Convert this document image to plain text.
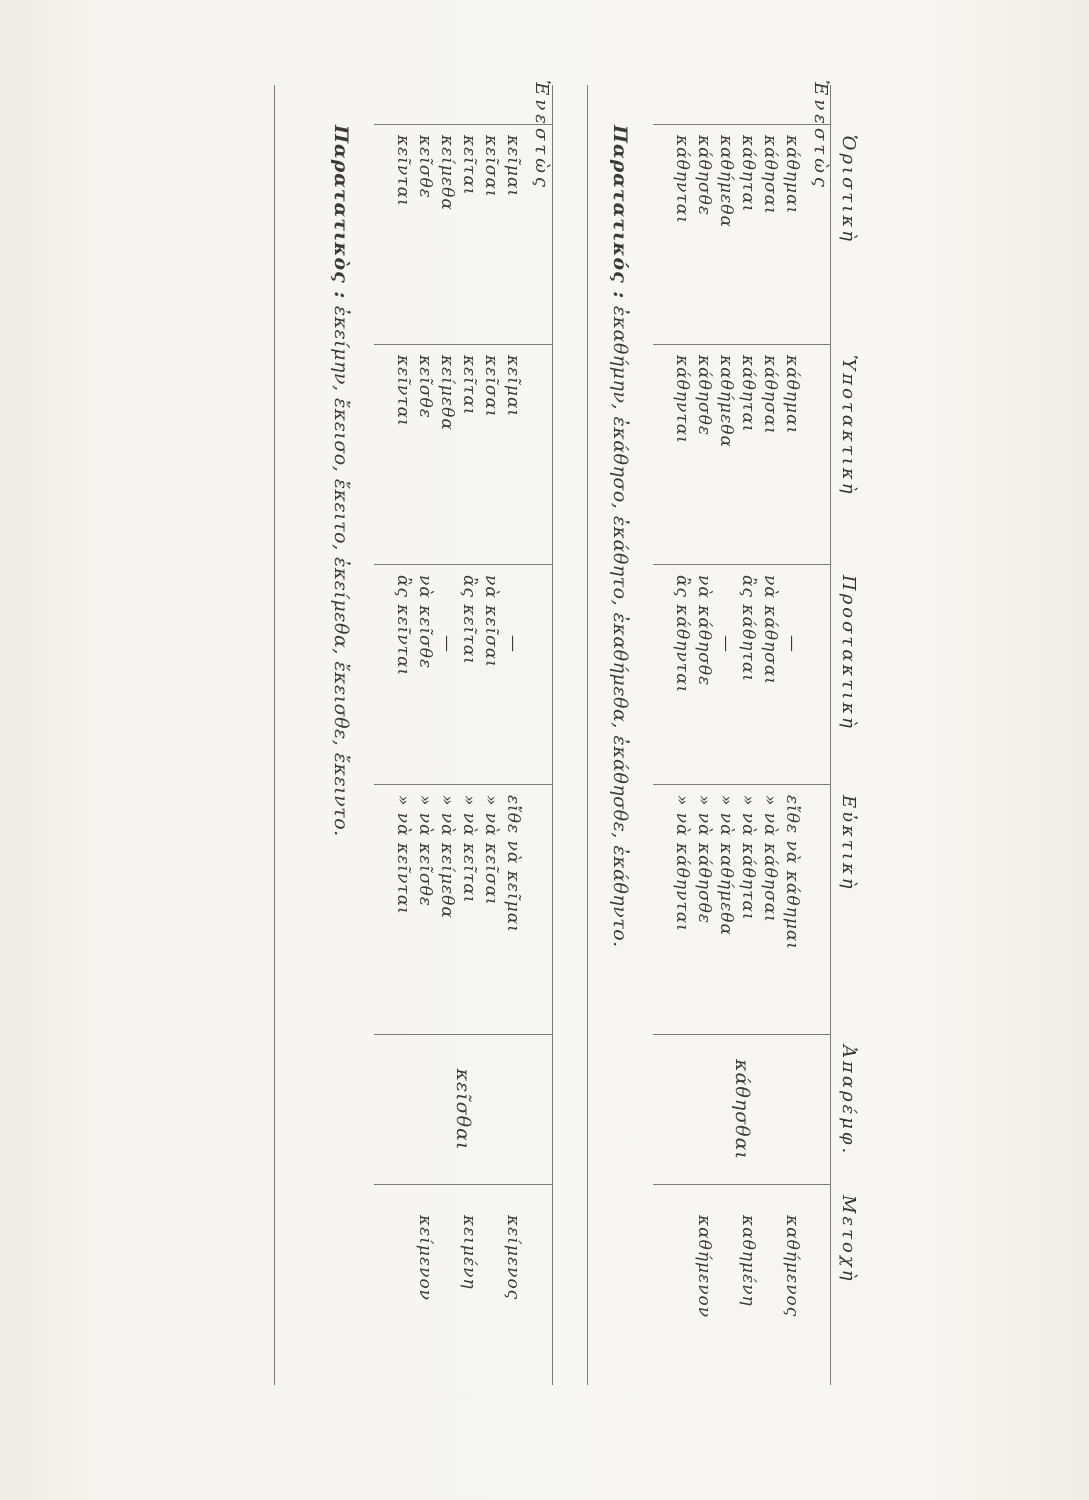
Ὁριστικὴ
Ὑποτακτικὴ
Προστακτικὴ
Εὐκτικὴ
Ἀπαρέμφ.
Μετοχὴ
Ἐνεστὼς
κάθημαι
κάθησαι
κάθηται
καθήμεθα
κάθησθε
κάθηνται
κάθημαι
κάθησαι
κάθηται
καθήμεθα
κάθησθε
κάθηνται
—
νὰ κάθησαι
ἂς κάθηται
—
νὰ κάθησθε
ἂς κάθηνται
εἴθε νὰ κάθημαι
» νὰ κάθησαι
» νὰ κάθηται
» νὰ καθήμεθα
» νὰ κάθησθε
» νὰ κάθηνται
κάθησθαι
καθήμενος

καθημένη

καθήμενον

Παρατατικός : ἐκαθήμην, ἐκάθησο, ἐκάθητο, ἐκαθήμεθα, ἐκάθησθε, ἐκάθηντο.
Ἐνεστὼς
κεῖμαι
κεῖσαι
κεῖται
κείμεθα
κεῖσθε
κεῖνται
κεῖμαι
κεῖσαι
κεῖται
κείμεθα
κεῖσθε
κεῖνται
—
νὰ κεῖσαι
ἂς κεῖται
—
νὰ κεῖσθε
ἂς κεῖνται
εἴθε νὰ κεῖμαι
» νὰ κεῖσαι
» νὰ κεῖται
» νὰ κείμεθα
» νὰ κεῖσθε
» νὰ κεῖνται
κεῖσθαι
κείμενος

κειμένη

κείμενον

Παρατατικὸς : ἐκείμην, ἔκεισο, ἔκειτο, ἐκείμεθα, ἔκεισθε, ἔκειντο.
